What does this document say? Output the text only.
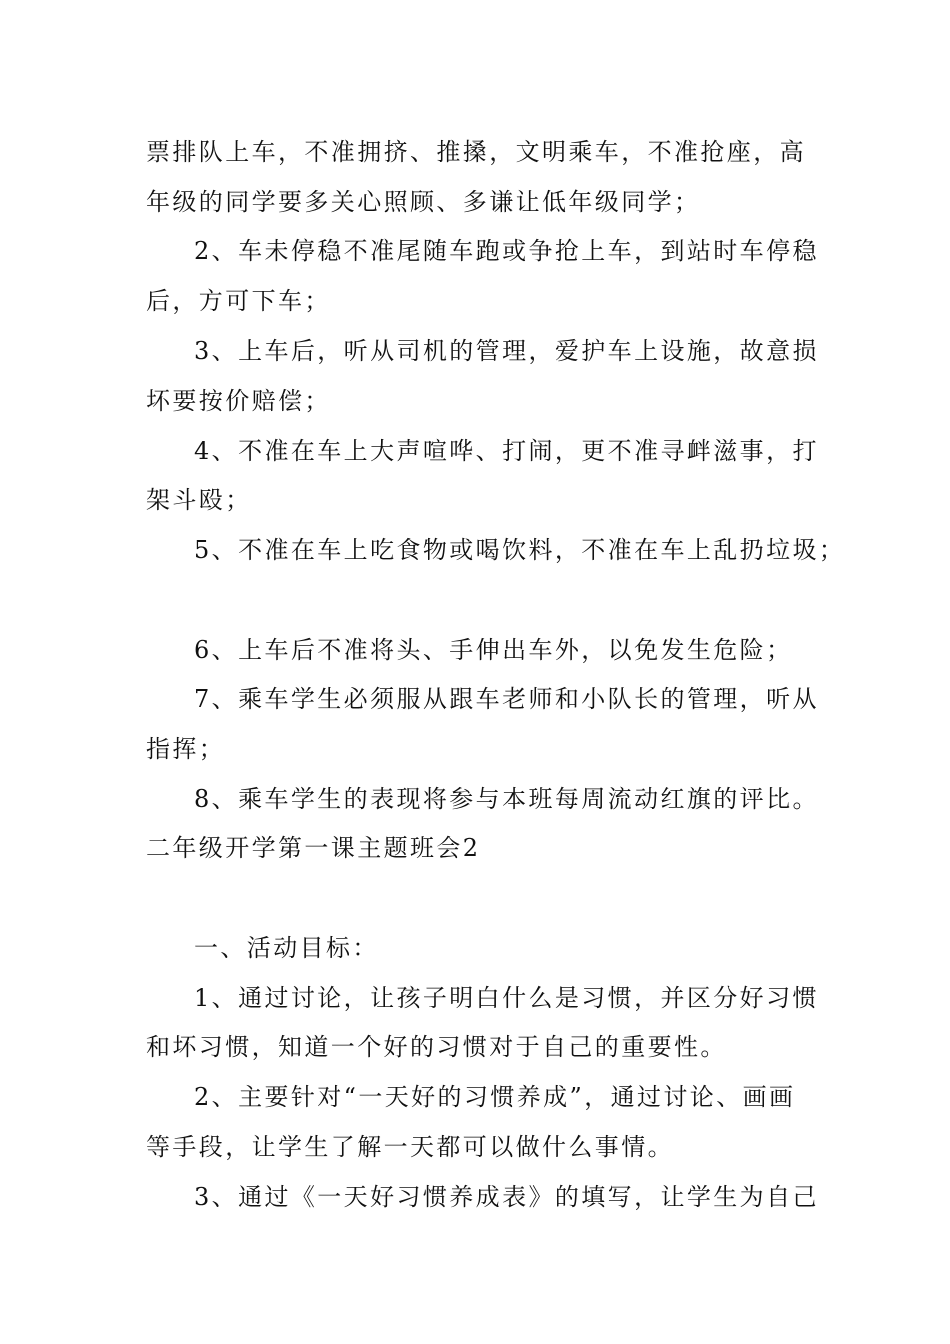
票排队上车，不准拥挤、推搡，文明乘车，不准抢座，高
年级的同学要多关心照顾、多谦让低年级同学；
2、车未停稳不准尾随车跑或争抢上车，到站时车停稳
后，方可下车；
3、上车后，听从司机的管理，爱护车上设施，故意损
坏要按价赔偿；
4、不准在车上大声喧哗、打闹，更不准寻衅滋事，打
架斗殴；
5、不准在车上吃食物或喝饮料，不准在车上乱扔垃圾；
6、上车后不准将头、手伸出车外，以免发生危险；
7、乘车学生必须服从跟车老师和小队长的管理，听从
指挥；
8、乘车学生的表现将参与本班每周流动红旗的评比。
二年级开学第一课主题班会2
一、活动目标：
1、通过讨论，让孩子明白什么是习惯，并区分好习惯
和坏习惯，知道一个好的习惯对于自己的重要性。
2、主要针对“一天好的习惯养成”，通过讨论、画画
等手段，让学生了解一天都可以做什么事情。
3、通过《一天好习惯养成表》的填写，让学生为自己
